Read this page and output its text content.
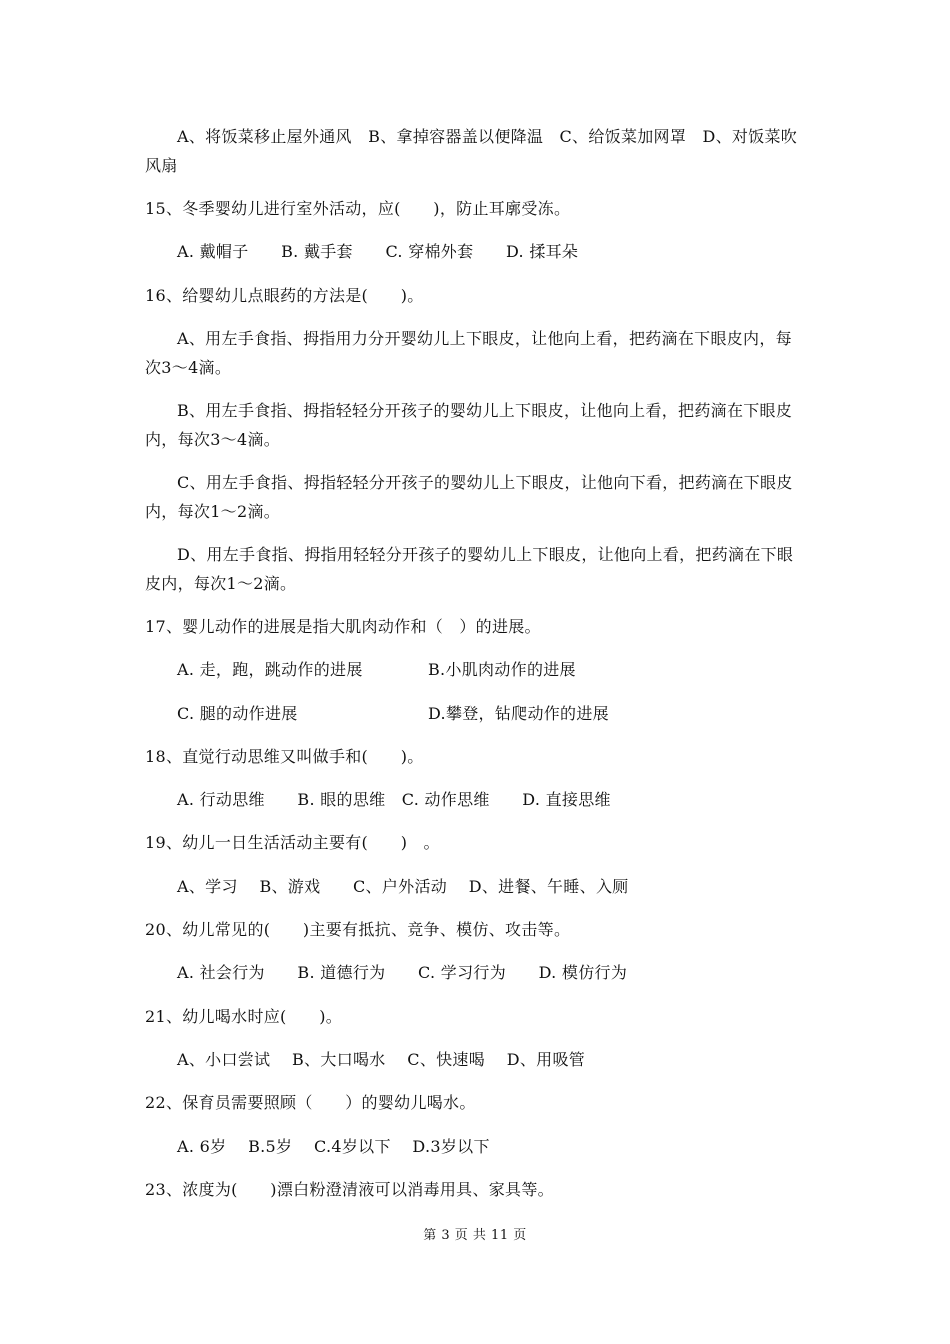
A、将饭菜移止屋外通风　B、拿掉容器盖以便降温　C、给饭菜加网罩　D、对饭菜吹
风扇
15、冬季婴幼儿进行室外活动，应(　　)，防止耳廓受冻。
A. 戴帽子　　B. 戴手套　　C. 穿棉外套　　D. 揉耳朵
16、给婴幼儿点眼药的方法是(　　)。
A、用左手食指、拇指用力分开婴幼儿上下眼皮，让他向上看，把药滴在下眼皮内，每
次3～4滴。
B、用左手食指、拇指轻轻分开孩子的婴幼儿上下眼皮，让他向上看，把药滴在下眼皮
内，每次3～4滴。
C、用左手食指、拇指轻轻分开孩子的婴幼儿上下眼皮，让他向下看，把药滴在下眼皮
内，每次1～2滴。
D、用左手食指、拇指用轻轻分开孩子的婴幼儿上下眼皮，让他向上看，把药滴在下眼
皮内，每次1～2滴。
17、婴儿动作的进展是指大肌肉动作和（　）的进展。
A. 走，跑，跳动作的进展	B.小肌肉动作的进展
C. 腿的动作进展	D.攀登，钻爬动作的进展
18、直觉行动思维又叫做手和(　　)。
A. 行动思维　　B. 眼的思维　C. 动作思维　　D. 直接思维
19、幼儿一日生活活动主要有(　　)　。
A、学习　 B、游戏　　C、户外活动　 D、进餐、午睡、入厕
20、幼儿常见的(　　)主要有抵抗、竞争、模仿、攻击等。
A. 社会行为　　B. 道德行为　　C. 学习行为　　D. 模仿行为
21、幼儿喝水时应(　　)。
A、小口尝试　 B、大口喝水　 C、快速喝　 D、用吸管
22、保育员需要照顾（　　）的婴幼儿喝水。
A. 6岁　 B.5岁　 C.4岁以下　 D.3岁以下
23、浓度为(　　)漂白粉澄清液可以消毒用具、家具等。
第 3 页 共 11 页
